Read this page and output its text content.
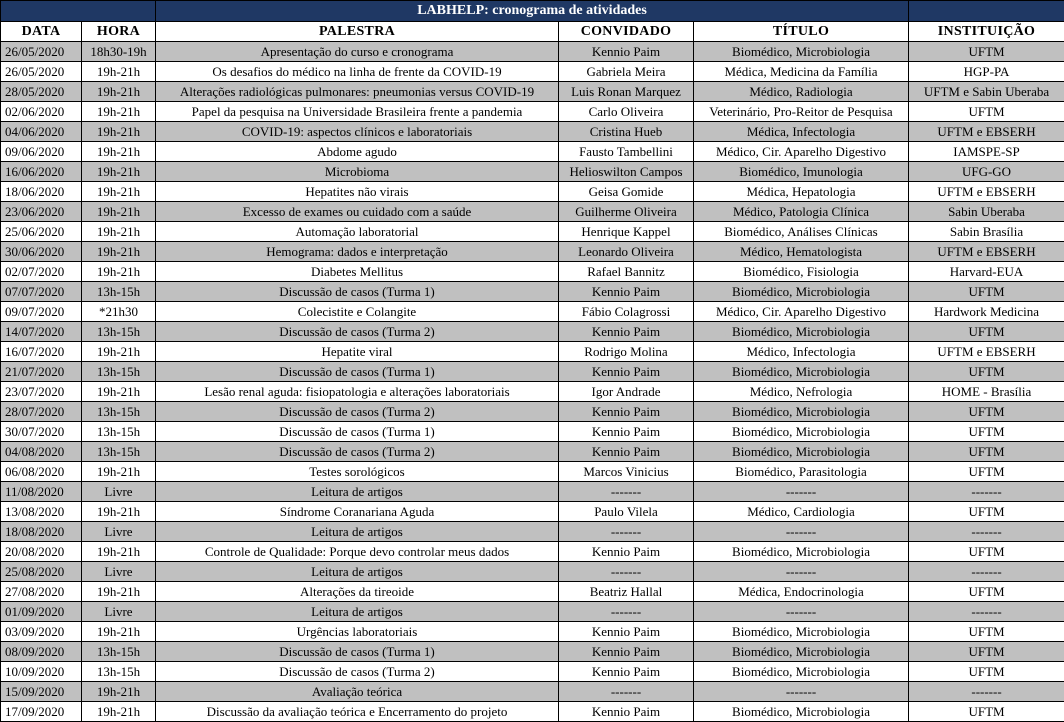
		LABHELP: cronograma de atividades			
DATA	HORA	PALESTRA	CONVIDADO	TÍTULO	INSTITUIÇÃO
26/05/2020	18h30-19h	Apresentação do curso e cronograma	Kennio Paim	Biomédico, Microbiologia	UFTM
26/05/2020	19h-21h	Os desafios do médico na linha de frente da COVID-19	Gabriela Meira	Médica, Medicina da Família	HGP-PA
28/05/2020	19h-21h	Alterações radiológicas pulmonares: pneumonias versus COVID-19	Luis Ronan Marquez	Médico, Radiologia	UFTM e Sabin Uberaba
02/06/2020	19h-21h	Papel da pesquisa na Universidade Brasileira frente a pandemia	Carlo Oliveira	Veterinário, Pro-Reitor de Pesquisa	UFTM
04/06/2020	19h-21h	COVID-19: aspectos clínicos e laboratoriais	Cristina Hueb	Médica, Infectologia	UFTM e EBSERH
09/06/2020	19h-21h	Abdome agudo	Fausto Tambellini	Médico, Cir. Aparelho Digestivo	IAMSPE-SP
16/06/2020	19h-21h	Microbioma	Helioswilton Campos	Biomédico, Imunologia	UFG-GO
18/06/2020	19h-21h	Hepatites não virais	Geisa Gomide	Médica, Hepatologia	UFTM e EBSERH
23/06/2020	19h-21h	Excesso de exames ou cuidado com a saúde	Guilherme Oliveira	Médico, Patologia Clínica	Sabin Uberaba
25/06/2020	19h-21h	Automação laboratorial	Henrique Kappel	Biomédico, Análises Clínicas	Sabin Brasília
30/06/2020	19h-21h	Hemograma: dados e interpretação	Leonardo Oliveira	Médico, Hematologista	UFTM e EBSERH
02/07/2020	19h-21h	Diabetes Mellitus	Rafael Bannitz	Biomédico, Fisiologia	Harvard-EUA
07/07/2020	13h-15h	Discussão de casos (Turma 1)	Kennio Paim	Biomédico, Microbiologia	UFTM
09/07/2020	*21h30	Colecistite e Colangite	Fábio Colagrossi	Médico, Cir. Aparelho Digestivo	Hardwork Medicina
14/07/2020	13h-15h	Discussão de casos (Turma 2)	Kennio Paim	Biomédico, Microbiologia	UFTM
16/07/2020	19h-21h	Hepatite viral	Rodrigo Molina	Médico, Infectologia	UFTM e EBSERH
21/07/2020	13h-15h	Discussão de casos (Turma 1)	Kennio Paim	Biomédico, Microbiologia	UFTM
23/07/2020	19h-21h	Lesão renal aguda: fisiopatologia e alterações laboratoriais	Igor Andrade	Médico, Nefrologia	HOME - Brasília
28/07/2020	13h-15h	Discussão de casos (Turma 2)	Kennio Paim	Biomédico, Microbiologia	UFTM
30/07/2020	13h-15h	Discussão de casos (Turma 1)	Kennio Paim	Biomédico, Microbiologia	UFTM
04/08/2020	13h-15h	Discussão de casos (Turma 2)	Kennio Paim	Biomédico, Microbiologia	UFTM
06/08/2020	19h-21h	Testes sorológicos	Marcos Vinicius	Biomédico, Parasitologia	UFTM
11/08/2020	Livre	Leitura de artigos	-------	-------	-------
13/08/2020	19h-21h	Síndrome Coranariana Aguda	Paulo Vilela	Médico, Cardiologia	UFTM
18/08/2020	Livre	Leitura de artigos	-------	-------	-------
20/08/2020	19h-21h	Controle de Qualidade: Porque devo controlar meus dados	Kennio Paim	Biomédico, Microbiologia	UFTM
25/08/2020	Livre	Leitura de artigos	-------	-------	-------
27/08/2020	19h-21h	Alterações da tireoide	Beatriz Hallal	Médica, Endocrinologia	UFTM
01/09/2020	Livre	Leitura de artigos	-------	-------	-------
03/09/2020	19h-21h	Urgências laboratoriais	Kennio Paim	Biomédico, Microbiologia	UFTM
08/09/2020	13h-15h	Discussão de casos (Turma 1)	Kennio Paim	Biomédico, Microbiologia	UFTM
10/09/2020	13h-15h	Discussão de casos (Turma 2)	Kennio Paim	Biomédico, Microbiologia	UFTM
15/09/2020	19h-21h	Avaliação teórica	-------	-------	-------
17/09/2020	19h-21h	Discussão da avaliação teórica e Encerramento do projeto	Kennio Paim	Biomédico, Microbiologia	UFTM
